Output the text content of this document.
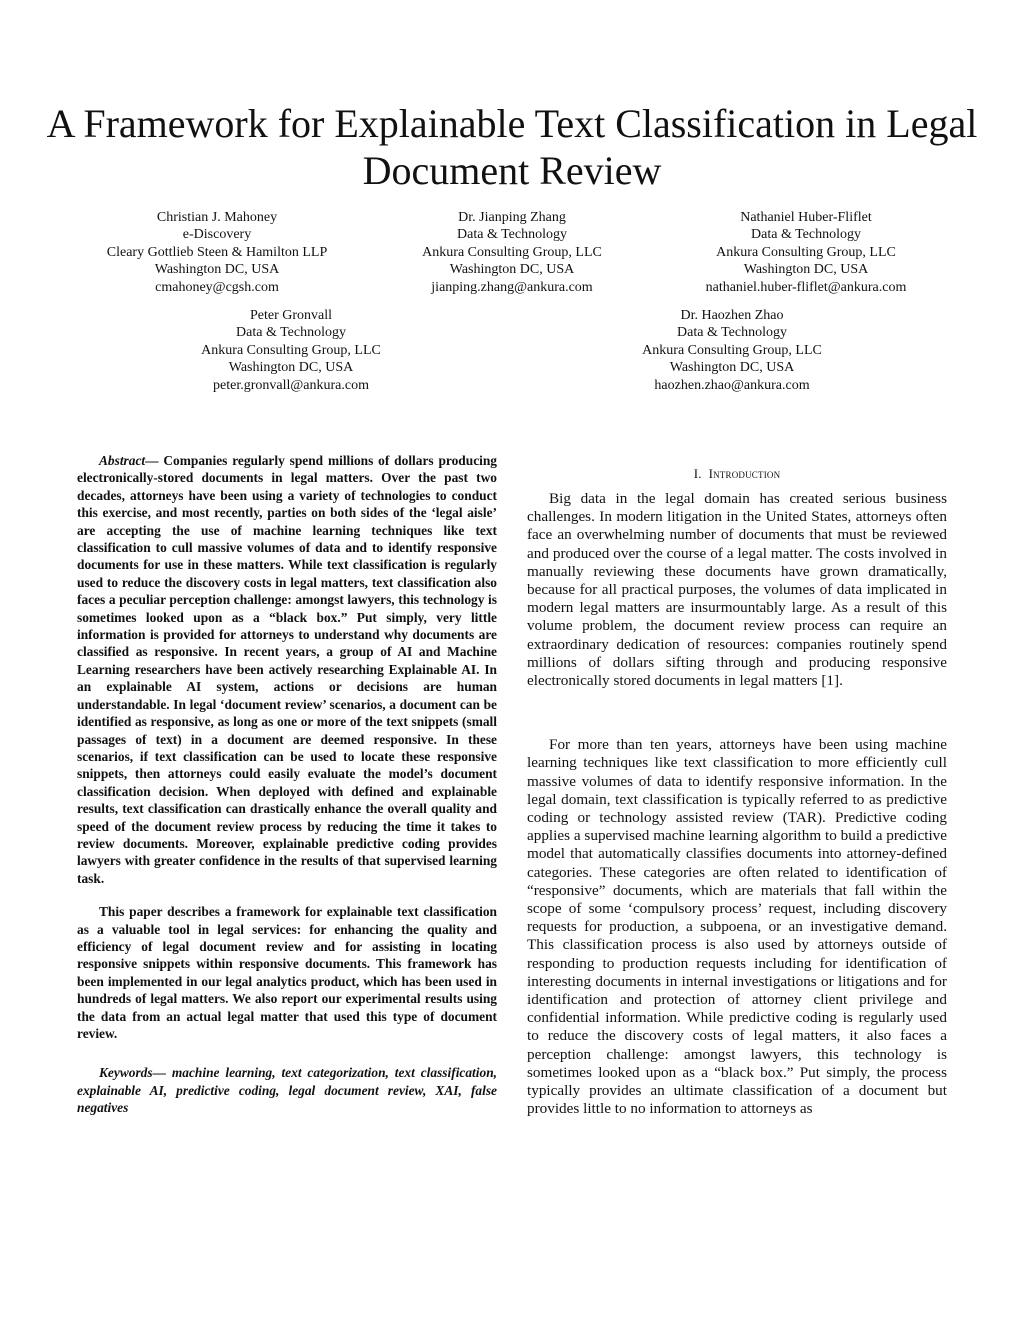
A Framework for Explainable Text Classification in Legal Document Review
Christian J. Mahoney
e-Discovery
Cleary Gottlieb Steen & Hamilton LLP
Washington DC, USA
cmahoney@cgsh.com
Dr. Jianping Zhang
Data & Technology
Ankura Consulting Group, LLC
Washington DC, USA
jianping.zhang@ankura.com
Nathaniel Huber-Fliflet
Data & Technology
Ankura Consulting Group, LLC
Washington DC, USA
nathaniel.huber-fliflet@ankura.com
Peter Gronvall
Data & Technology
Ankura Consulting Group, LLC
Washington DC, USA
peter.gronvall@ankura.com
Dr. Haozhen Zhao
Data & Technology
Ankura Consulting Group, LLC
Washington DC, USA
haozhen.zhao@ankura.com

Abstract— Companies regularly spend millions of dollars producing electronically-stored documents in legal matters. Over the past two decades, attorneys have been using a variety of technologies to conduct this exercise, and most recently, parties on both sides of the ‘legal aisle’ are accepting the use of machine learning techniques like text classification to cull massive volumes of data and to identify responsive documents for use in these matters. While text classification is regularly used to reduce the discovery costs in legal matters, text classification also faces a peculiar perception challenge: amongst lawyers, this technology is sometimes looked upon as a “black box.” Put simply, very little information is provided for attorneys to understand why documents are classified as responsive. In recent years, a group of AI and Machine Learning researchers have been actively researching Explainable AI. In an explainable AI system, actions or decisions are human understandable. In legal ‘document review’ scenarios, a document can be identified as responsive, as long as one or more of the text snippets (small passages of text) in a document are deemed responsive. In these scenarios, if text classification can be used to locate these responsive snippets, then attorneys could easily evaluate the model’s document classification decision. When deployed with defined and explainable results, text classification can drastically enhance the overall quality and speed of the document review process by reducing the time it takes to review documents. Moreover, explainable predictive coding provides lawyers with greater confidence in the results of that supervised learning task.

This paper describes a framework for explainable text classification as a valuable tool in legal services: for enhancing the quality and efficiency of legal document review and for assisting in locating responsive snippets within responsive documents. This framework has been implemented in our legal analytics product, which has been used in hundreds of legal matters. We also report our experimental results using the data from an actual legal matter that used this type of document review.

Keywords— machine learning, text categorization, text classification, explainable AI, predictive coding, legal document review, XAI, false negatives

I. Introduction

Big data in the legal domain has created serious business challenges. In modern litigation in the United States, attorneys often face an overwhelming number of documents that must be reviewed and produced over the course of a legal matter. The costs involved in manually reviewing these documents have grown dramatically, because for all practical purposes, the volumes of data implicated in modern legal matters are insurmountably large. As a result of this volume problem, the document review process can require an extraordinary dedication of resources: companies routinely spend millions of dollars sifting through and producing responsive electronically stored documents in legal matters [1].

For more than ten years, attorneys have been using machine learning techniques like text classification to more efficiently cull massive volumes of data to identify responsive information. In the legal domain, text classification is typically referred to as predictive coding or technology assisted review (TAR). Predictive coding applies a supervised machine learning algorithm to build a predictive model that automatically classifies documents into attorney-defined categories. These categories are often related to identification of “responsive” documents, which are materials that fall within the scope of some ‘compulsory process’ request, including discovery requests for production, a subpoena, or an investigative demand. This classification process is also used by attorneys outside of responding to production requests including for identification of interesting documents in internal investigations or litigations and for identification and protection of attorney client privilege and confidential information. While predictive coding is regularly used to reduce the discovery costs of legal matters, it also faces a perception challenge: amongst lawyers, this technology is sometimes looked upon as a “black box.” Put simply, the process typically provides an ultimate classification of a document but provides little to no information to attorneys as
